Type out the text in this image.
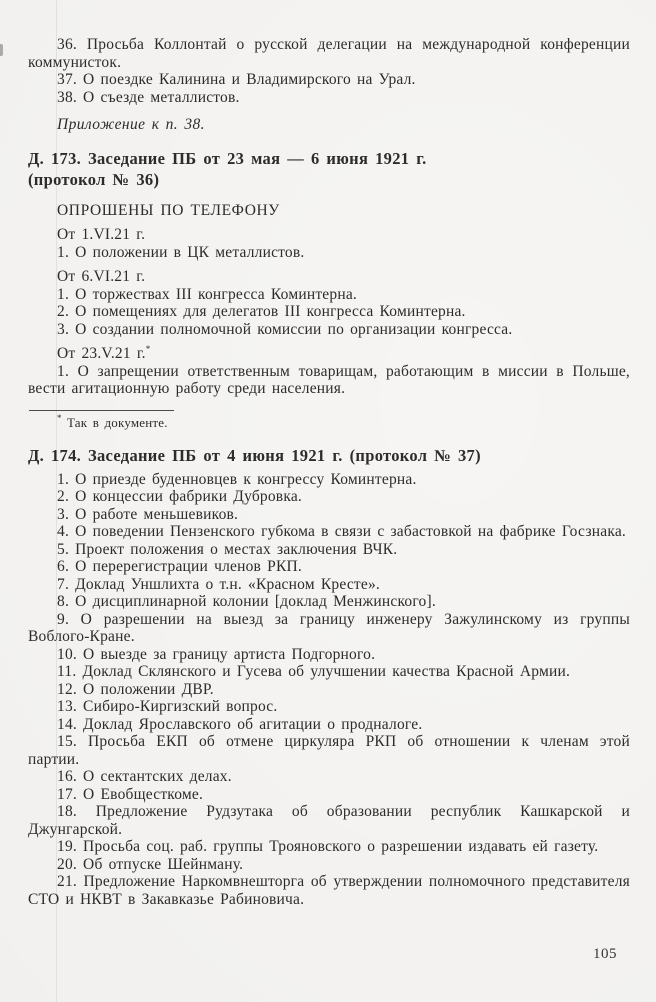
36. Просьба Коллонтай о русской делегации на международной конференции коммунисток.

37. О поездке Калинина и Владимирского на Урал.

38. О съезде металлистов.

Приложение к п. 38.

Д. 173. Заседание ПБ от 23 мая — 6 июня 1921 г.
(протокол № 36)

ОПРОШЕНЫ ПО ТЕЛЕФОНУ

От 1.VI.21 г.

1. О положении в ЦК металлистов.

От 6.VI.21 г.

1. О торжествах III конгресса Коминтерна.

2. О помещениях для делегатов III конгресса Коминтерна.

3. О создании полномочной комиссии по организации конгресса.

От 23.V.21 г.*

1. О запрещении ответственным товарищам, работающим в миссии в Польше, вести агитационную работу среди населения.

* Так в документе.

Д. 174. Заседание ПБ от 4 июня 1921 г. (протокол № 37)

1. О приезде буденновцев к конгрессу Коминтерна.

2. О концессии фабрики Дубровка.

3. О работе меньшевиков.

4. О поведении Пензенского губкома в связи с забастовкой на фабрике Госзнака.

5. Проект положения о местах заключения ВЧК.

6. О перерегистрации членов РКП.

7. Доклад Уншлихта о т.н. «Красном Кресте».

8. О дисциплинарной колонии [доклад Менжинского].

9. О разрешении на выезд за границу инженеру Зажулинскому из группы Воблого-Кране.

10. О выезде за границу артиста Подгорного.

11. Доклад Склянского и Гусева об улучшении качества Красной Армии.

12. О положении ДВР.

13. Сибиро-Киргизский вопрос.

14. Доклад Ярославского об агитации о продналоге.

15. Просьба ЕКП об отмене циркуляра РКП об отношении к членам этой партии.

16. О сектантских делах.

17. О Евобщесткоме.

18. Предложение Рудзутака об образовании республик Кашкарской и Джунгарской.

19. Просьба соц. раб. группы Трояновского о разрешении издавать ей газету.

20. Об отпуске Шейнману.

21. Предложение Наркомвнешторга об утверждении полномочного представителя СТО и НКВТ в Закавказье Рабиновича.

105
